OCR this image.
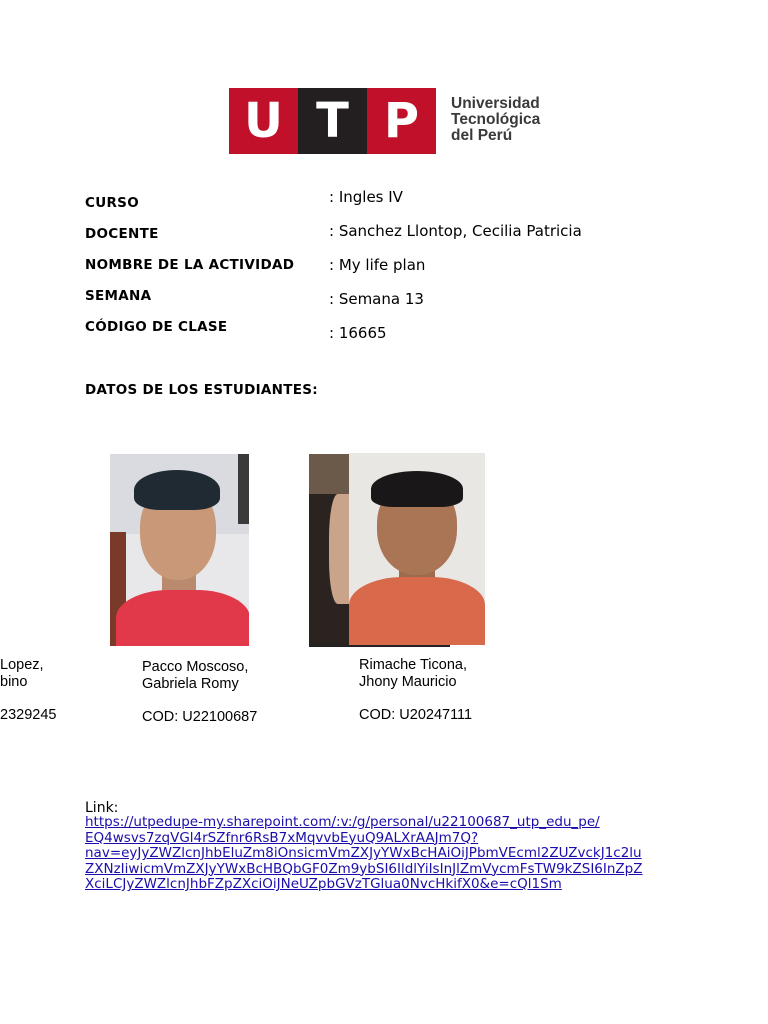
U T P	Universidad
Tecnológica
del Perú
CURSO	: Ingles IV
DOCENTE	: Sanchez Llontop, Cecilia Patricia
NOMBRE DE LA ACTIVIDAD : My life plan
SEMANA	: Semana 13
CÓDIGO DE CLASE	: 16665
DATOS DE LOS ESTUDIANTES:
Lopez,
bino
2329245
Pacco Moscoso,
Gabriela Romy
COD: U22100687
Rimache Ticona,
Jhony Mauricio
COD: U20247111
Link:
https://utpedupe-my.sharepoint.com/:v:/g/personal/u22100687_utp_edu_pe/
EQ4wsvs7zqVGl4rSZfnr6RsB7xMqvvbEyuQ9ALXrAAJm7Q?
nav=eyJyZWZlcnJhbEluZm8iOnsicmVmZXJyYWxBcHAiOiJPbmVEcml2ZUZvckJ1c2lu
ZXNzIiwicmVmZXJyYWxBcHBQbGF0Zm9ybSI6IldlYiIsInJlZmVycmFsTW9kZSI6InZpZ
XciLCJyZWZlcnJhbFZpZXciOiJNeUZpbGVzTGlua0NvcHkifX0&e=cQl1Sm
